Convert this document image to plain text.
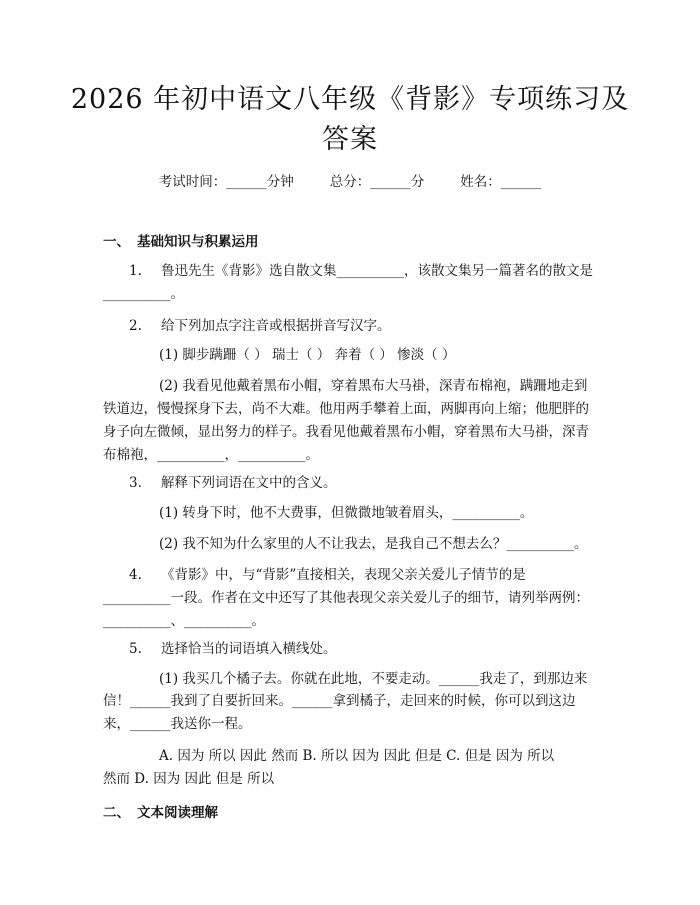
2026 年初中语文八年级《背影》专项练习及
答案
考试时间：______分钟	总分：______分	姓名：______
一、 基础知识与积累运用
1. 鲁迅先生《背影》选自散文集__________，该散文集另一篇著名的散文是
__________。
2. 给下列加点字注音或根据拼音写汉字。
(1) 脚步蹒跚（ ） 瑞士（ ） 奔着（ ） 惨淡（ ）
(2) 我看见他戴着黑布小帽，穿着黑布大马褂，深青布棉袍，蹒跚地走到
铁道边，慢慢探身下去，尚不大难。他用两手攀着上面，两脚再向上缩；他肥胖的
身子向左微倾，显出努力的样子。我看见他戴着黑布小帽，穿着黑布大马褂，深青
布棉袍，__________，__________。
3. 解释下列词语在文中的含义。
(1) 转身下时，他不大费事，但微微地皱着眉头，__________。
(2) 我不知为什么家里的人不让我去，是我自己不想去么？__________。
4. 《背影》中，与“背影”直接相关，表现父亲关爱儿子情节的是
__________一段。作者在文中还写了其他表现父亲关爱儿子的细节，请列举两例：
__________、__________。
5. 选择恰当的词语填入横线处。
(1) 我买几个橘子去。你就在此地，不要走动。______我走了，到那边来
信！______我到了自要折回来。______拿到橘子，走回来的时候，你可以到这边
来，______我送你一程。
A. 因为 所以 因此 然而 B. 所以 因为 因此 但是 C. 但是 因为 所以
然而 D. 因为 因此 但是 所以
二、 文本阅读理解
